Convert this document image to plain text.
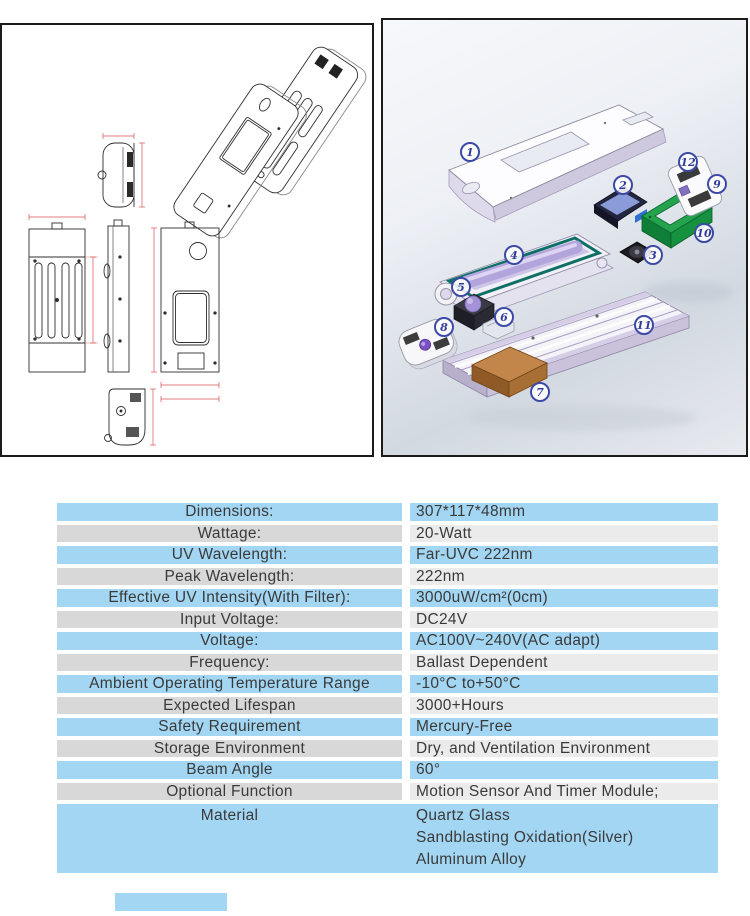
1
2
3
4
5
6
7
8
9
10
11
12
Dimensions:	307*117*48mm
Wattage:	20-Watt
UV Wavelength:	Far-UVC 222nm
Peak Wavelength:	222nm
Effective UV Intensity(With Filter):	3000uW/cm²(0cm)
Input Voltage:	DC24V
Voltage:	AC100V~240V(AC adapt)
Frequency:	Ballast Dependent
Ambient Operating Temperature Range	-10°C to+50°C
Expected Lifespan	3000+Hours
Safety Requirement	Mercury-Free
Storage Environment	Dry, and Ventilation Environment
Beam Angle	60°
Optional Function	Motion Sensor And Timer Module;
Material	Quartz Glass
Sandblasting Oxidation(Silver)
Aluminum Alloy
